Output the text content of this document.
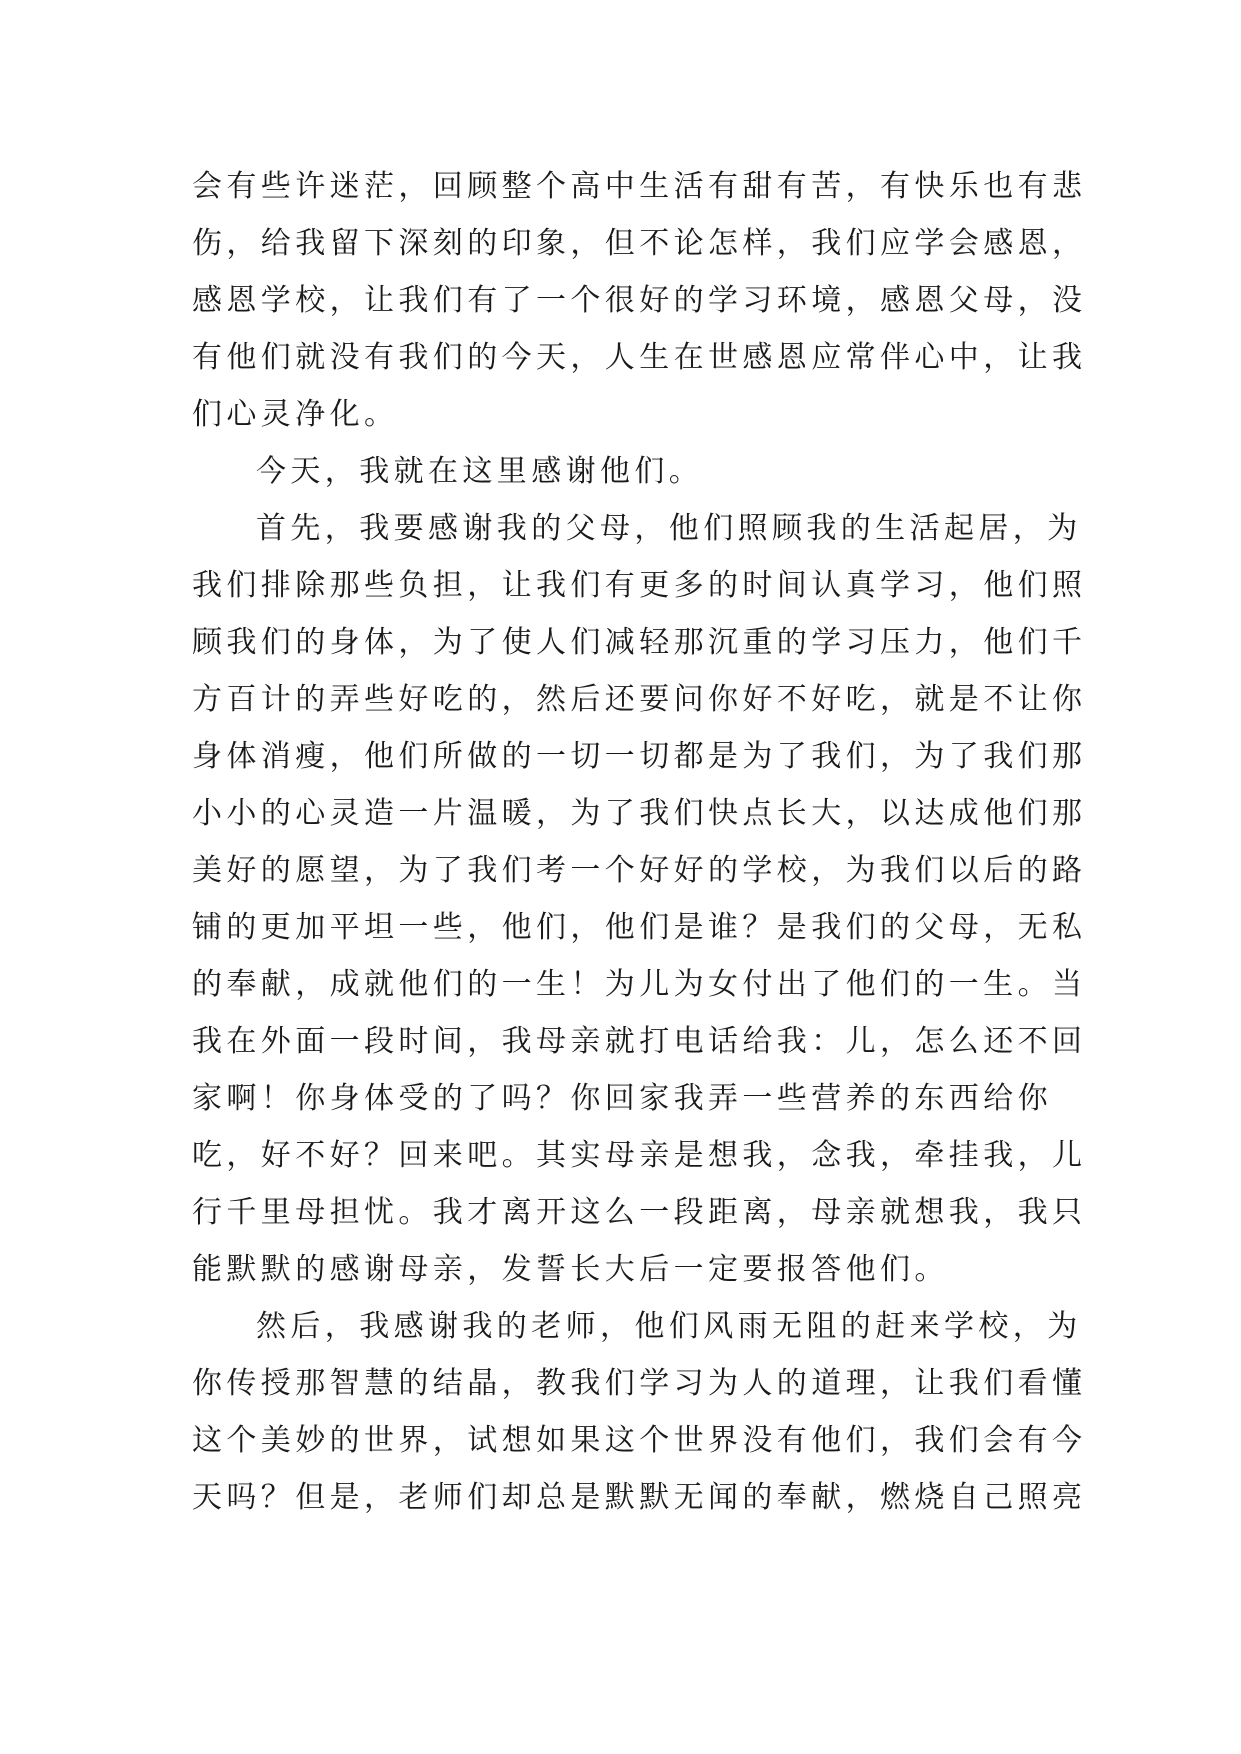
会有些许迷茫，回顾整个高中生活有甜有苦，有快乐也有悲

伤，给我留下深刻的印象，但不论怎样，我们应学会感恩，

感恩学校，让我们有了一个很好的学习环境，感恩父母，没

有他们就没有我们的今天，人生在世感恩应常伴心中，让我

们心灵净化。

今天，我就在这里感谢他们。

首先，我要感谢我的父母，他们照顾我的生活起居，为

我们排除那些负担，让我们有更多的时间认真学习，他们照

顾我们的身体，为了使人们减轻那沉重的学习压力，他们千

方百计的弄些好吃的，然后还要问你好不好吃，就是不让你

身体消瘦，他们所做的一切一切都是为了我们，为了我们那

小小的心灵造一片温暖，为了我们快点长大，以达成他们那

美好的愿望，为了我们考一个好好的学校，为我们以后的路

铺的更加平坦一些，他们，他们是谁？是我们的父母，无私

的奉献，成就他们的一生！为儿为女付出了他们的一生。当

我在外面一段时间，我母亲就打电话给我：儿，怎么还不回

家啊！你身体受的了吗？你回家我弄一些营养的东西给你

吃，好不好？回来吧。其实母亲是想我，念我，牵挂我，儿

行千里母担忧。我才离开这么一段距离，母亲就想我，我只

能默默的感谢母亲，发誓长大后一定要报答他们。

然后，我感谢我的老师，他们风雨无阻的赶来学校，为

你传授那智慧的结晶，教我们学习为人的道理，让我们看懂

这个美妙的世界，试想如果这个世界没有他们，我们会有今

天吗？但是，老师们却总是默默无闻的奉献，燃烧自己照亮
